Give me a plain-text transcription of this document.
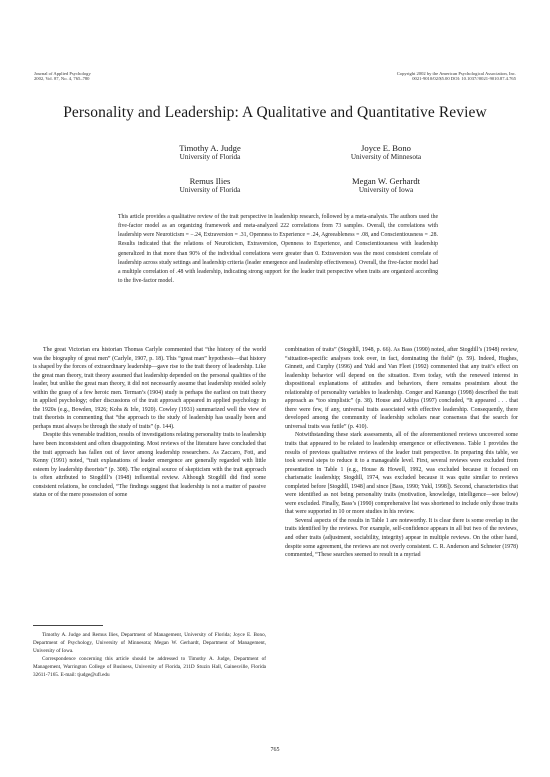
Journal of Applied Psychology
2002, Vol. 87, No. 4, 765–780
Copyright 2002 by the American Psychological Association, Inc.
0021-9010/02/$5.00 DOI: 10.1037//0021-9010.87.4.765
Personality and Leadership: A Qualitative and Quantitative Review
Timothy A. Judge
University of Florida
Joyce E. Bono
University of Minnesota
Remus Ilies
University of Florida
Megan W. Gerhardt
University of Iowa
This article provides a qualitative review of the trait perspective in leadership research, followed by a meta-analysis. The authors used the five-factor model as an organizing framework and meta-analyzed 222 correlations from 73 samples. Overall, the correlations with leadership were Neuroticism = −.24, Extraversion = .31, Openness to Experience = .24, Agreeableness = .08, and Conscientiousness = .28. Results indicated that the relations of Neuroticism, Extraversion, Openness to Experience, and Conscientiousness with leadership generalized in that more than 90% of the individual correlations were greater than 0. Extraversion was the most consistent correlate of leadership across study settings and leadership criteria (leader emergence and leadership effectiveness). Overall, the five-factor model had a multiple correlation of .48 with leadership, indicating strong support for the leader trait perspective when traits are organized according to the five-factor model.

The great Victorian era historian Thomas Carlyle commented that “the history of the world was the biography of great men” (Carlyle, 1907, p. 18). This “great man” hypothesis—that history is shaped by the forces of extraordinary leadership—gave rise to the trait theory of leadership. Like the great man theory, trait theory assumed that leadership depended on the personal qualities of the leader, but unlike the great man theory, it did not necessarily assume that leadership resided solely within the grasp of a few heroic men. Terman’s (1904) study is perhaps the earliest on trait theory in applied psychology; other discussions of the trait approach appeared in applied psychology in the 1920s (e.g., Bowden, 1926; Kohs & Irle, 1920). Cowley (1931) summarized well the view of trait theorists in commenting that “the approach to the study of leadership has usually been and perhaps must always be through the study of traits” (p. 144).

Despite this venerable tradition, results of investigations relating personality traits to leadership have been inconsistent and often disappointing. Most reviews of the literature have concluded that the trait approach has fallen out of favor among leadership researchers. As Zaccaro, Foti, and Kenny (1991) noted, “trait explanations of leader emergence are generally regarded with little esteem by leadership theorists” (p. 308). The original source of skepticism with the trait approach is often attributed to Stogdill’s (1948) influential review. Although Stogdill did find some consistent relations, he concluded, “The findings suggest that leadership is not a matter of passive status or of the mere possession of some

combination of traits” (Stogdill, 1948, p. 66). As Bass (1990) noted, after Stogdill’s (1948) review, “situation-specific analyses took over, in fact, dominating the field” (p. 59). Indeed, Hughes, Ginnett, and Curphy (1996) and Yukl and Van Fleet (1992) commented that any trait’s effect on leadership behavior will depend on the situation. Even today, with the renewed interest in dispositional explanations of attitudes and behaviors, there remains pessimism about the relationship of personality variables to leadership. Conger and Kanungo (1998) described the trait approach as “too simplistic” (p. 38). House and Aditya (1997) concluded, “It appeared . . . that there were few, if any, universal traits associated with effective leadership. Consequently, there developed among the community of leadership scholars near consensus that the search for universal traits was futile” (p. 410).

Notwithstanding these stark assessments, all of the aforementioned reviews uncovered some traits that appeared to be related to leadership emergence or effectiveness. Table 1 provides the results of previous qualitative reviews of the leader trait perspective. In preparing this table, we took several steps to reduce it to a manageable level. First, several reviews were excluded from presentation in Table 1 (e.g., House & Howell, 1992, was excluded because it focused on charismatic leadership; Stogdill, 1974, was excluded because it was quite similar to reviews completed before [Stogdill, 1948] and since [Bass, 1990; Yukl, 1998]). Second, characteristics that were identified as not being personality traits (motivation, knowledge, intelligence—see below) were excluded. Finally, Bass’s (1990) comprehensive list was shortened to include only those traits that were supported in 10 or more studies in his review.

Several aspects of the results in Table 1 are noteworthy. It is clear there is some overlap in the traits identified by the reviews. For example, self-confidence appears in all but two of the reviews, and other traits (adjustment, sociability, integrity) appear in multiple reviews. On the other hand, despite some agreement, the reviews are not overly consistent. C. R. Anderson and Schneier (1978) commented, “These searches seemed to result in a myriad

Timothy A. Judge and Remus Ilies, Department of Management, University of Florida; Joyce E. Bono, Department of Psychology, University of Minnesota; Megan W. Gerhardt, Department of Management, University of Iowa.

Correspondence concerning this article should be addressed to Timothy A. Judge, Department of Management, Warrington College of Business, University of Florida, 211D Stuzin Hall, Gainesville, Florida 32611-7165. E-mail: tjudge@ufl.edu

765
